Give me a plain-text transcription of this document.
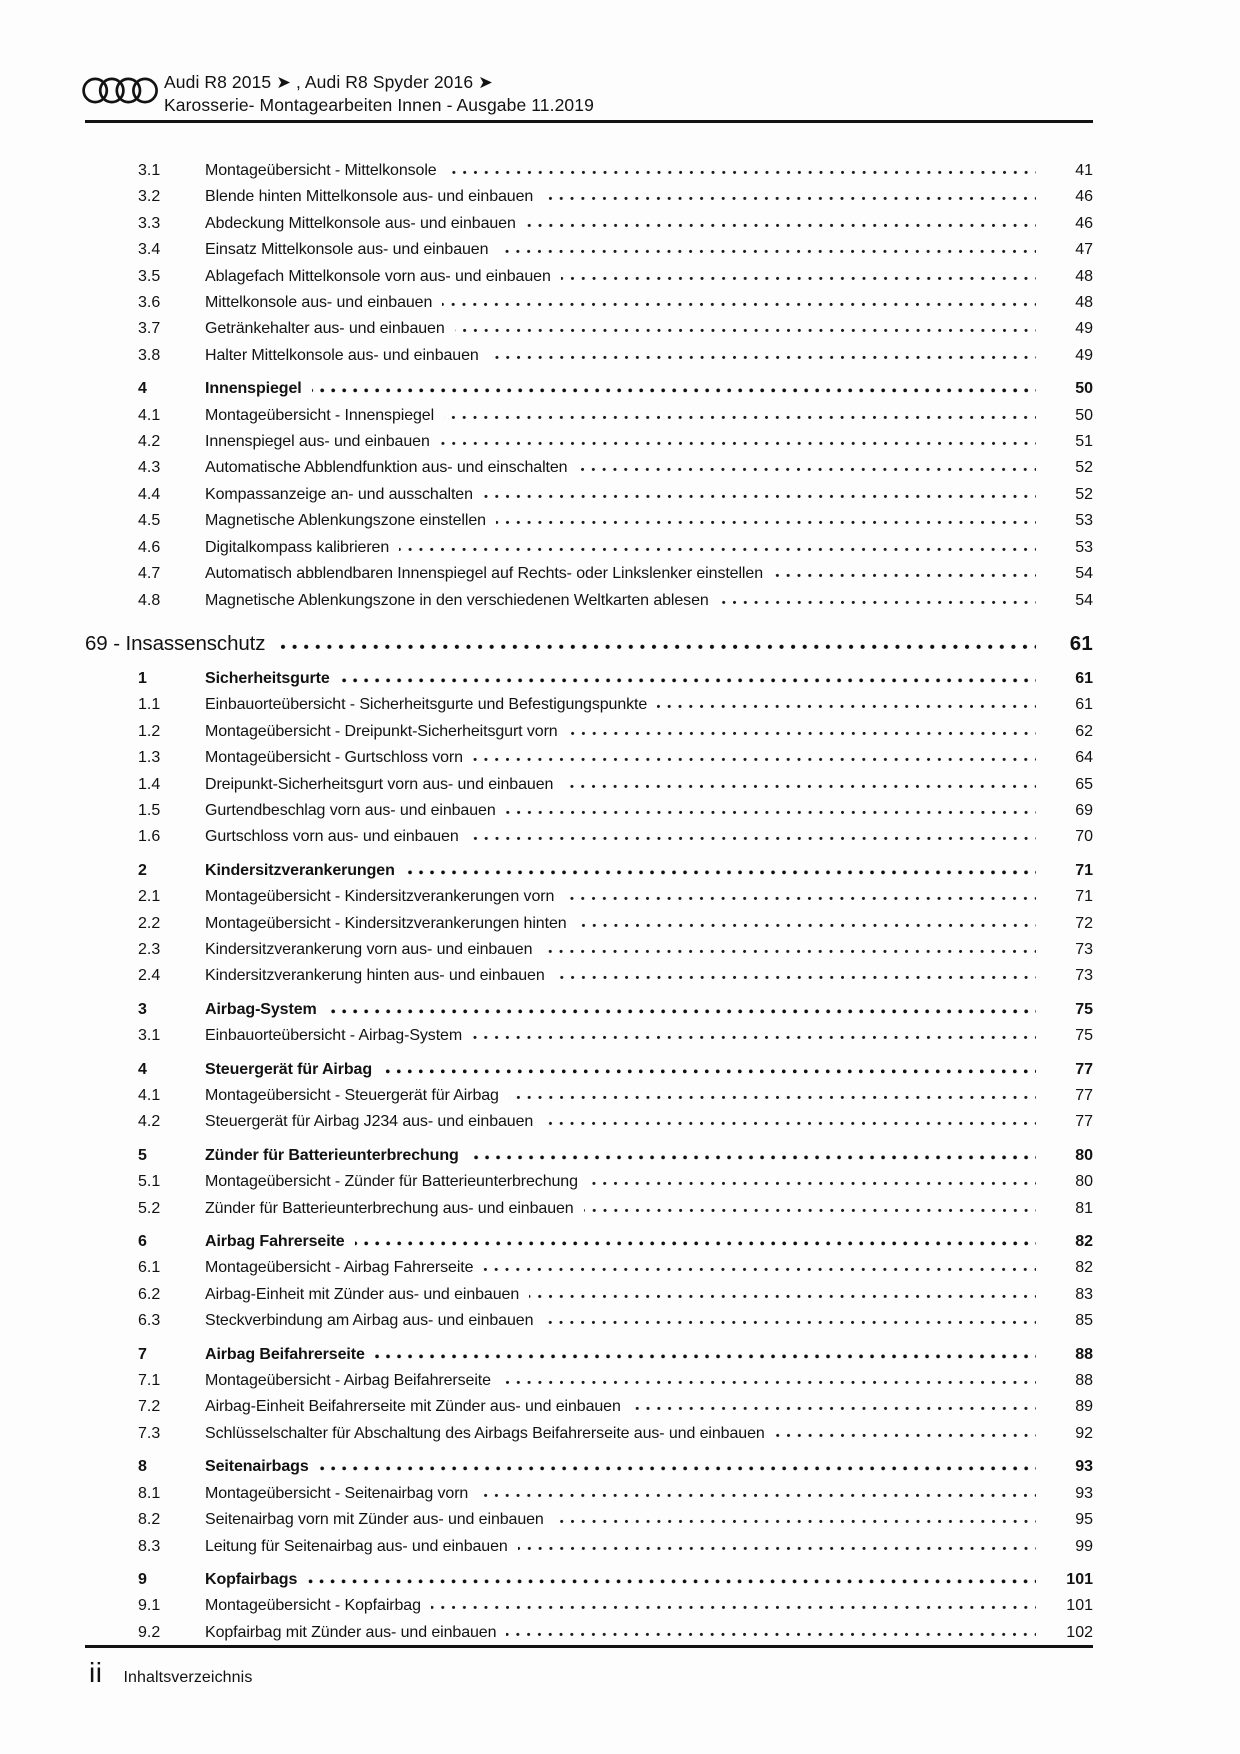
Audi R8 2015 ➤ , Audi R8 Spyder 2016 ➤
Karosserie- Montagearbeiten Innen - Ausgabe 11.2019
3.1	Montageübersicht - Mittelkonsole	41
3.2	Blende hinten Mittelkonsole aus- und einbauen	46
3.3	Abdeckung Mittelkonsole aus- und einbauen	46
3.4	Einsatz Mittelkonsole aus- und einbauen	47
3.5	Ablagefach Mittelkonsole vorn aus- und einbauen	48
3.6	Mittelkonsole aus- und einbauen	48
3.7	Getränkehalter aus- und einbauen	49
3.8	Halter Mittelkonsole aus- und einbauen	49
4	Innenspiegel	50
4.1	Montageübersicht - Innenspiegel	50
4.2	Innenspiegel aus- und einbauen	51
4.3	Automatische Abblendfunktion aus- und einschalten	52
4.4	Kompassanzeige an- und ausschalten	52
4.5	Magnetische Ablenkungszone einstellen	53
4.6	Digitalkompass kalibrieren	53
4.7	Automatisch abblendbaren Innenspiegel auf Rechts- oder Linkslenker einstellen	54
4.8	Magnetische Ablenkungszone in den verschiedenen Weltkarten ablesen	54
69 - Insassenschutz	61
1	Sicherheitsgurte	61
1.1	Einbauorteübersicht - Sicherheitsgurte und Befestigungspunkte	61
1.2	Montageübersicht - Dreipunkt-Sicherheitsgurt vorn	62
1.3	Montageübersicht - Gurtschloss vorn	64
1.4	Dreipunkt-Sicherheitsgurt vorn aus- und einbauen	65
1.5	Gurtendbeschlag vorn aus- und einbauen	69
1.6	Gurtschloss vorn aus- und einbauen	70
2	Kindersitzverankerungen	71
2.1	Montageübersicht - Kindersitzverankerungen vorn	71
2.2	Montageübersicht - Kindersitzverankerungen hinten	72
2.3	Kindersitzverankerung vorn aus- und einbauen	73
2.4	Kindersitzverankerung hinten aus- und einbauen	73
3	Airbag-System	75
3.1	Einbauorteübersicht - Airbag-System	75
4	Steuergerät für Airbag	77
4.1	Montageübersicht - Steuergerät für Airbag	77
4.2	Steuergerät für Airbag J234 aus- und einbauen	77
5	Zünder für Batterieunterbrechung	80
5.1	Montageübersicht - Zünder für Batterieunterbrechung	80
5.2	Zünder für Batterieunterbrechung aus- und einbauen	81
6	Airbag Fahrerseite	82
6.1	Montageübersicht - Airbag Fahrerseite	82
6.2	Airbag-Einheit mit Zünder aus- und einbauen	83
6.3	Steckverbindung am Airbag aus- und einbauen	85
7	Airbag Beifahrerseite	88
7.1	Montageübersicht - Airbag Beifahrerseite	88
7.2	Airbag-Einheit Beifahrerseite mit Zünder aus- und einbauen	89
7.3	Schlüsselschalter für Abschaltung des Airbags Beifahrerseite aus- und einbauen	92
8	Seitenairbags	93
8.1	Montageübersicht - Seitenairbag vorn	93
8.2	Seitenairbag vorn mit Zünder aus- und einbauen	95
8.3	Leitung für Seitenairbag aus- und einbauen	99
9	Kopfairbags	101
9.1	Montageübersicht - Kopfairbag	101
9.2	Kopfairbag mit Zünder aus- und einbauen	102
ii Inhaltsverzeichnis
